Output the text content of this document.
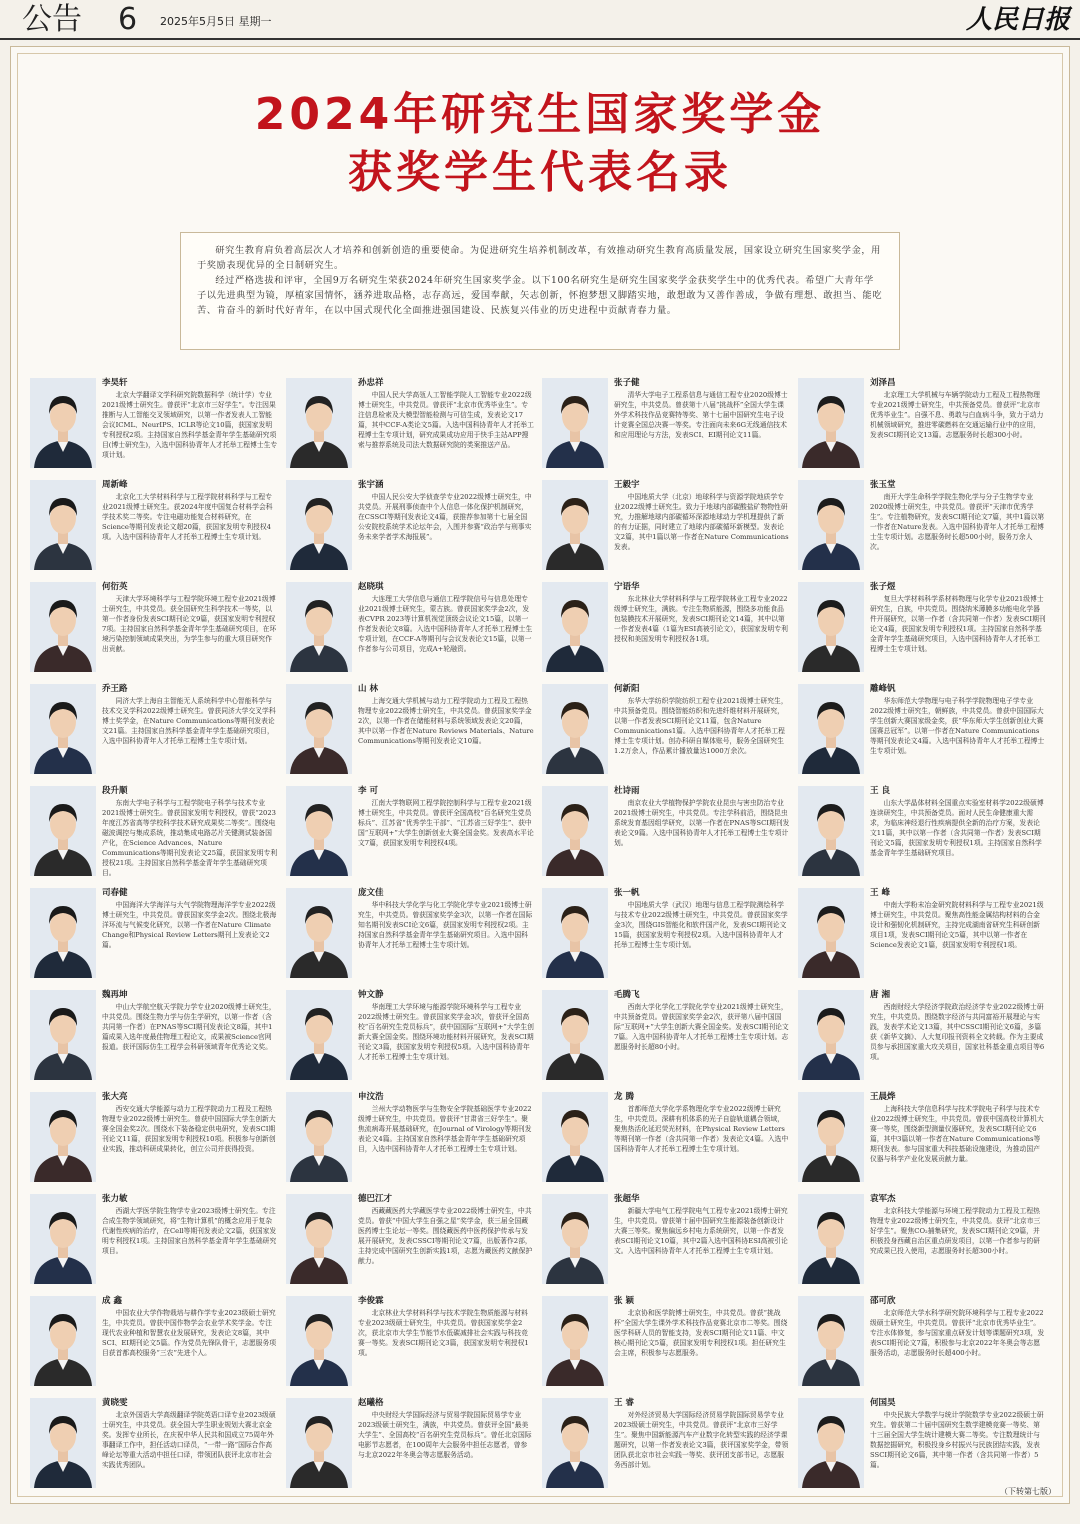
公告 6 2025年5月5日 星期一	人民日报
2024年研究生国家奖学金
获奖学生代表名录

研究生教育肩负着高层次人才培养和创新创造的重要使命。为促进研究生培养机制改革，有效推动研究生教育高质量发展，国家设立研究生国家奖学金，用于奖励表现优异的全日制研究生。

经过严格选拔和评审，全国9万名研究生荣获2024年研究生国家奖学金。以下100名研究生是研究生国家奖学金获奖学生中的优秀代表。希望广大青年学子以先进典型为镜，厚植家国情怀，涵养进取品格，志存高远，爱国奉献，矢志创新，怀抱梦想又脚踏实地，敢想敢为又善作善成，争做有理想、敢担当、能吃苦、肯奋斗的新时代好青年，在以中国式现代化全面推进强国建设、民族复兴伟业的历史进程中贡献青春力量。

李昊轩
北京大学翻译文学科研究院数据科学（统计学）专业2021级博士研究生。曾获评“北京市三好学生”。专注因果推断与人工智能交叉领域研究，以第一作者发表人工智能会议ICML、NeurIPS、ICLR等论文10篇，获国家发明专利授权2项。主持国家自然科学基金青年学生基础研究项目(博士研究生)，入选中国科协青年人才托举工程博士生专项计划。
孙忠祥
中国人民大学高瓴人工智能学院人工智能专业2022级博士研究生，中共党员。曾获评“北京市优秀毕业生”。专注信息检索及大模型智能检测与可信生成，发表论文17篇，其中CCF-A类论文5篇。入选中国科协青年人才托举工程博士生专项计划，研究成果成功应用于快手主站APP搜索与推荐系统及司法大数据研究院的类案推送产品。
张子健
清华大学电子工程系信息与通信工程专业2020级博士研究生，中共党员。曾获第十八届“挑战杯”全国大学生课外学术科技作品竞赛特等奖、第十七届中国研究生电子设计竞赛全国总决赛一等奖。专注面向未来6G无线通信技术和应用理论与方法，发表SCI、EI期刊论文11篇。
刘泽昌
北京理工大学机械与车辆学院动力工程及工程热物理专业2021级博士研究生，中共预备党员。曾获评“北京市优秀毕业生”。自强不息、勇敢与白血病斗争，致力于动力机械领域研究，推进零碳燃料在交通运输行业中的应用，发表SCI期刊论文13篇。志愿服务时长超300小时。
周新峰
北京化工大学材料科学与工程学院材料科学与工程专业2021级博士研究生。获2024年度中国复合材料学会科学技术奖二等奖。专注电磁功能复合材料研究，在Science等期刊发表论文超20篇，获国家发明专利授权4项。入选中国科协青年人才托举工程博士生专项计划。
张宇涵
中国人民公安大学侦查学专业2022级博士研究生，中共党员。开展刑事侦查中个人信息一体化保护机制研究，在CSSCI等期刊发表论文4篇，获推荐参加第十七届全国公安院校系统学术论坛年会，入围并参赛“政治学与刑事实务未来学者学术海报展”。
王毅宇
中国地质大学（北京）地球科学与资源学院地质学专业2022级博士研究生。致力于地球内部碳酸盐矿物物性研究，力推解地球内部碳循环深源地球动力学机理提供了新的有力证据，同时建立了地球内部碳循环新模型。发表论文2篇，其中1篇以第一作者在Nature Communications发表。
张玉堂
南开大学生命科学学院生物化学与分子生物学专业2020级博士研究生，中共党员。曾获评“天津市优秀学生”。专注植物研究，发表SCI期刊论文7篇，其中1篇以第一作者在Nature发表。入选中国科协青年人才托举工程博士生专项计划。志愿服务时长超500小时，服务万余人次。
何衍英
天津大学环境科学与工程学院环境工程专业2021级博士研究生，中共党员。获全国研究生科学技术一等奖，以第一作者身份发表SCI期刊论文9篇，获国家发明专利授权7项。主持国家自然科学基金青年学生基础研究项目，在环境污染控制领域成果突出，为学生参与的重大项目研究作出贡献。
赵晓琪
大连理工大学信息与通信工程学院信号与信息处理专业2021级博士研究生，蒙古族。曾获国家奖学金2次，发表CVPR 2023等计算机视觉顶级会议论文15篇，以第一作者发表论文8篇。入选中国科协青年人才托举工程博士生专项计划，在CCF-A等期刊与会议发表论文15篇，以第一作者参与公司项目，完成A+轮融资。
宁语华
东北林业大学材料科学与工程学院林业工程专业2022级博士研究生，满族。专注生物质能源，围绕多功能食品包装膜技术开展研究，发表SCI期刊论文14篇，其中以第一作者发表4篇（1篇为ESI高被引论文），获国家发明专利授权和美国发明专利授权各1项。
张子煜
复旦大学材料科学系材料物理与化学专业2021级博士研究生，白族，中共党员。围绕纳米薄膜多功能电化学器件开展研究，以第一作者（含共同第一作者）发表SCI期刊论文4篇，获国家发明专利授权1项。主持国家自然科学基金青年学生基础研究项目，入选中国科协青年人才托举工程博士生专项计划。
乔王路
同济大学上海自主智能无人系统科学中心智能科学与技术交叉学科2022级博士研究生。曾获同济大学交叉学科博士奖学金，在Nature Communications等期刊发表论文21篇。主持国家自然科学基金青年学生基础研究项目，入选中国科协青年人才托举工程博士生专项计划。
山 林
上海交通大学机械与动力工程学院动力工程及工程热物理专业2022级博士研究生，中共党员。曾获国家奖学金2次，以第一作者在储能材料与系统领域发表论文20篇，其中以第一作者在Nature Reviews Materials、Nature Communications等期刊发表论文10篇。
何新阳
东华大学纺织学院纺织工程专业2021级博士研究生，中共预备党员。围绕智能纺织和先进纤维材料开展研究，以第一作者发表SCI期刊论文11篇，包含Nature Communications1篇。入选中国科协青年人才托举工程博士生专项计划。创办科研自媒体账号，服务全国研究生1.2万余人，作品累计播放量达1000万余次。
雕峰钒
华东师范大学物理与电子科学学院物理电子学专业2022级博士研究生，朝鲜族，中共党员。曾获中国国际大学生创新大赛国家级金奖，获“华东师大学生创新创业大赛国赛总冠军”。以第一作者在Nature Communications等期刊发表论文4篇。入选中国科协青年人才托举工程博士生专项计划。
段升顺
东南大学电子科学与工程学院电子科学与技术专业2021级博士研究生。曾获国家发明专利授权，曾获“2023年度江苏省高等学校科学技术研究成果奖二等奖”。围绕电磁波调控与集成系统，推动集成电路芯片关键测试装备国产化，在Science Advances、Nature Communications等期刊发表论文25篇，获国家发明专利授权21项。主持国家自然科学基金青年学生基础研究项目。
李 可
江南大学物联网工程学院控制科学与工程专业2021级博士研究生，中共党员。曾获评全国高校“百名研究生党员标兵”、江苏省“优秀学生干部”、“江苏省三好学生”、获中国“互联网+”大学生创新创业大赛全国金奖。发表高水平论文7篇，获国家发明专利授权4项。
杜诗雨
南京农业大学植物保护学院农业昆虫与害虫防治专业2021级博士研究生，中共党员。专注学科前沿，围绕昆虫系统发育基因组学研究，以第一作者在PNAS等SCI期刊发表论文9篇。入选中国科协青年人才托举工程博士生专项计划。
王 良
山东大学晶体材料全国重点实验室材料学2022级硕博连读研究生，中共预备党员。面对人民生命健康重大需求，为临床神经退行性疾病提供全新的治疗方案，发表论文11篇，其中以第一作者（含共同第一作者）发表SCI期刊论文5篇，获国家发明专利授权1项。主持国家自然科学基金青年学生基础研究项目。
司春健
中国海洋大学海洋与大气学院物理海洋学专业2022级博士研究生，中共党员。曾获国家奖学金2次。围绕北极海洋环流与气候变化研究，以第一作者在Nature Climate Change和Physical Review Letters期刊上发表论文2篇。
庞文佳
华中科技大学化学与化工学院化学专业2021级博士研究生，中共党员。曾获国家奖学金3次，以第一作者在国际知名期刊发表SCI论文6篇，获国家发明专利授权2项。主持国家自然科学基金青年学生基础研究项目。入选中国科协青年人才托举工程博士生专项计划。
张一帆
中国地质大学（武汉）地理与信息工程学院测绘科学与技术专业2022级博士研究生，中共党员。曾获国家奖学金3次，围绕GIS智能化和软件国产化，发表SCI期刊论文15篇，获国家发明专利授权2项。入选中国科协青年人才托举工程博士生专项计划。
王 峰
中南大学粉末冶金研究院材料科学与工程专业2021级博士研究生，中共党员。聚焦高性能金属结构材料的合金设计和强韧化机制研究，主持完成湖南省研究生科研创新项目1项，发表SCI期刊论文5篇，其中以第一作者在Science发表论文1篇，获国家发明专利授权1项。
魏再坤
中山大学航空航天学院力学专业2020级博士研究生，中共党员。围绕生物力学与仿生学研究，以第一作者（含共同第一作者）在PNAS等SCI期刊发表论文8篇，其中1篇成果入选年度最佳物理工程论文，成果被Science官网报道。获评国际仿生工程学会科研领域青年优秀论文奖。
钟文静
华南理工大学环境与能源学院环境科学与工程专业2022级博士研究生。曾获国家奖学金3次，曾获评全国高校“百名研究生党员标兵”，获中国国际“互联网+”大学生创新大赛全国金奖。围绕环境功能材料开展研究，发表SCI期刊论文3篇，获国家发明专利授权5项。入选中国科协青年人才托举工程博士生专项计划。
毛腾飞
西南大学化学化工学院化学专业2021级博士研究生，中共预备党员。曾获国家奖学金2次，获评第八届中国国际“互联网+”大学生创新大赛全国金奖。发表SCI期刊论文7篇。入选中国科协青年人才托举工程博士生专项计划。志愿服务时长超80小时。
唐 湘
西南财经大学经济学院政治经济学专业2022级博士研究生，中共党员。围绕数字经济与共同富裕开展理论与实践，发表学术论文13篇，其中CSSCI期刊论文6篇，多篇获《新华文摘》、人大复印报刊资料全文转载。作为主要成员参与承担国家重大攻关项目，国家社科基金重点项目等6项。
张大亮
西安交通大学能源与动力工程学院动力工程及工程热物理专业2022级博士研究生。曾获中国国际大学生创新大赛全国金奖2次。围绕水下装备稳定供电研究，发表SCI期刊论文11篇，获国家发明专利授权10项。积极参与创新创业实践，推动科研成果转化，创立公司并获得投资。
申汶浩
兰州大学动物医学与生物安全学院基础医学专业2022级博士研究生，中共党员。曾获评“甘肃省三好学生”。聚焦流病毒开展基础研究，在Journal of Virology等期刊发表论文4篇。主持国家自然科学基金青年学生基础研究项目，入选中国科协青年人才托举工程博士生专项计划。
龙 腾
首都师范大学化学系物理化学专业2022级博士研究生，中共党员。深耕有机体系的光子自旋轨道耦合领域，聚焦热活化延迟荧光材料，在Physical Review Letters等期刊第一作者（含共同第一作者）发表论文4篇。入选中国科协青年人才托举工程博士生专项计划。
王晨烨
上海科技大学信息科学与技术学院电子科学与技术专业2022级博士研究生，中共党员。曾获中国高校计算机大赛一等奖，围绕新型测量仪器研究，发表SCI期刊论文6篇，其中3篇以第一作者在Nature Communications等期刊发表。参与国家重大科技基础设施建设，为推动国产仪器与科学产业化发展贡献力量。
张力敏
西湖大学医学院生物学专业2023级博士研究生。专注合成生物学领域研究，将“生物计算机”的概念应用于复杂代谢性疾病的治疗，在Cell等期刊发表论文2篇，获国家发明专利授权1项。主持国家自然科学基金青年学生基础研究项目。
德巴江才
西藏藏医药大学藏医学专业2022级博士研究生，中共党员。曾获“中国大学生自强之星”奖学金，获三届全国藏医药博士生论坛一等奖。围绕藏医药中医药保护传承与发展开展研究，发表CSSCI等期刊论文7篇，出版著作2部，主持完成中国研究生创新实践1项，志愿为藏医药文献保护献力。
张超华
新疆大学电气工程学院电气工程专业2021级博士研究生，中共党员。曾获第十届中国研究生能源装备创新设计大赛三等奖。聚焦偏远乡村电力系统研究，以第一作者发表SCI期刊论文10篇，其中2篇入选中国科协ESI高被引论文。入选中国科协青年人才托举工程博士生专项计划。
袁军杰
北京科技大学能源与环境工程学院动力工程及工程热物理专业2022级博士研究生，中共党员。获评“北京市三好学生”。聚焦CO₂捕集研究，发表SCI期刊论文9篇，并积极投身西藏自治区重点研发项目，以第一作者参与的研究成果已投入使用，志愿服务时长超300小时。
成 鑫
中国农业大学作物栽培与耕作学专业2023级硕士研究生，中共党员。曾获中国作物学会农业学术奖学金。专注现代农业种植和智慧农业发展研究，发表论文8篇，其中SCI、EI期刊论文5篇。作为党员先锋队骨干，志愿服务项目获首都高校服务“三农”先进个人。
李俊霖
北京林业大学材料科学与技术学院生物质能源与材料专业2023级硕士研究生，中共党员。曾获国家奖学金2次，获北京市大学生节能节水低碳减排社会实践与科技竞赛一等奖。发表SCI期刊论文3篇，获国家发明专利授权1项。
张 颖
北京协和医学院博士研究生，中共党员。曾获“挑战杯”全国大学生课外学术科技作品竞赛北京市二等奖。围绕医学科研人员的智能支持，发表SCI期刊论文11篇、中文核心期刊论文5篇，获国家发明专利授权1项。担任研究生会主席，积极参与志愿服务。
邵可欣
北京师范大学水科学研究院环境科学与工程专业2022级硕士研究生，中共党员。曾获评“北京市优秀毕业生”。专注水体修复，参与国家重点研发计划等课题研究3项，发表SCI期刊论文7篇，积极参与北京2022年冬奥会等志愿服务活动，志愿服务时长超400小时。
黄晓雯
北京外国语大学高级翻译学院英语口译专业2023级硕士研究生，中共党员。获全国大学生职业规划大赛北京金奖。发挥专业所长，在庆祝中华人民共和国成立75周年外事翻译工作中，担任活动口译员，“一带一路”国际合作高峰论坛等重大活动中担任口译，带领团队获评北京市社会实践优秀团队。
赵曦格
中央财经大学国际经济与贸易学院国际贸易学专业2023级硕士研究生，满族，中共党员。曾获评全国“最美大学生”、全国高校“百名研究生党员标兵”。曾任北京国际电影节志愿者，在100周年大会服务中担任志愿者，曾参与北京2022年冬奥会等志愿服务活动。
王 睿
对外经济贸易大学国际经济贸易学院国际贸易学专业2023级硕士研究生，中共党员。曾获评“北京市三好学生”。聚焦中国新能源汽车产业数字化转型实践的经济学课题研究，以第一作者发表论文3篇，获评国家奖学金，带领团队获北京市社会实践一等奖、获评团支部书记，志愿服务西部计划。
何国昊
中央民族大学数学与统计学院数学专业2022级硕士研究生。曾获第二十届中国研究生数学建模竞赛一等奖、第十三届全国大学生统计建模大赛二等奖。专注数理统计与数据挖掘研究，积极投身乡村振兴与民族团结实践，发表SSCI期刊论文6篇，其中第一作者（含共同第一作者）5篇。
（下转第七版）
